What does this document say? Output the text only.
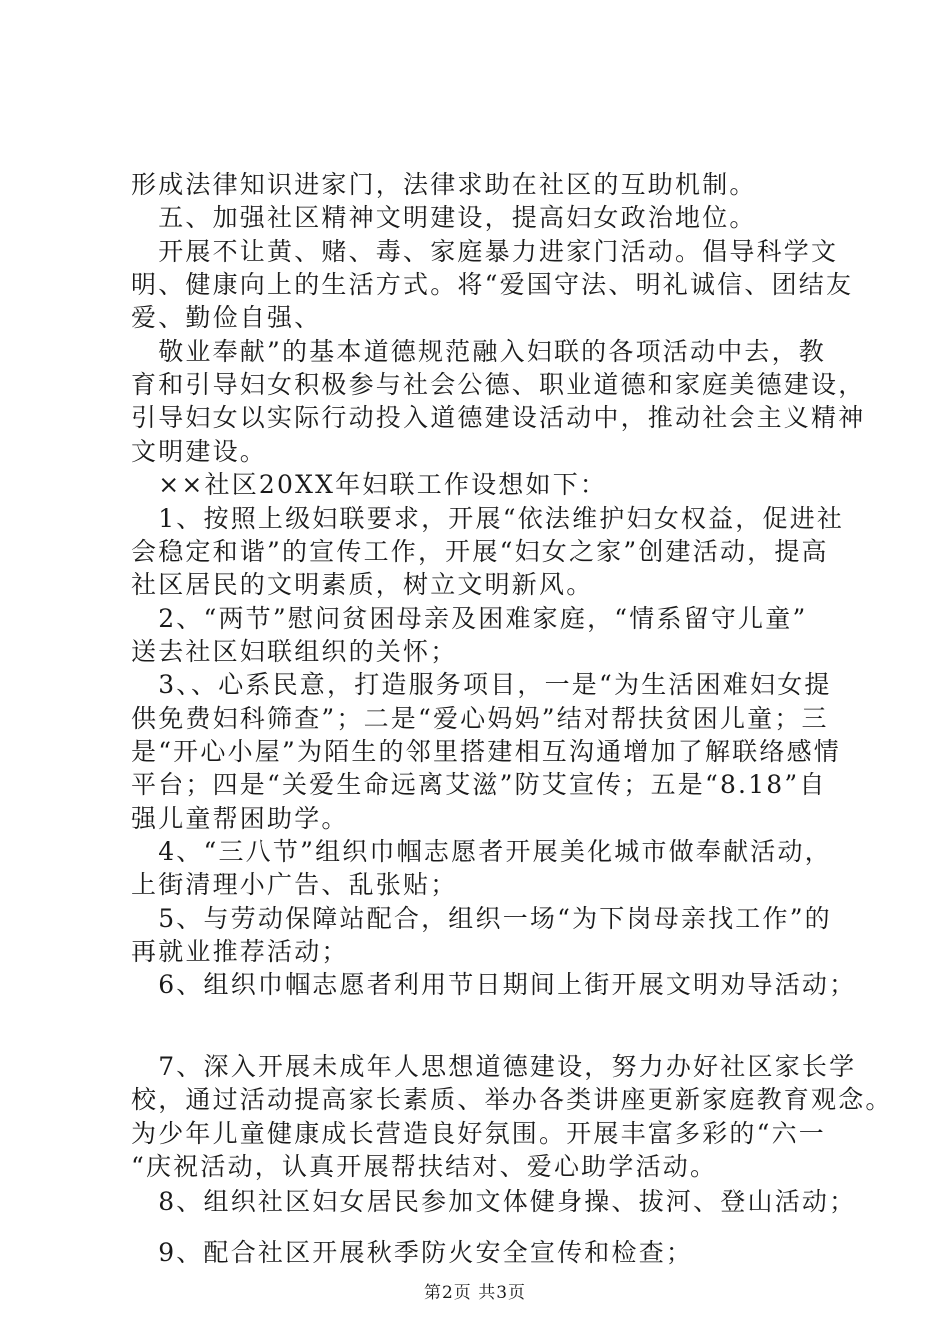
形成法律知识进家门，法律求助在社区的互助机制。
　五、加强社区精神文明建设，提高妇女政治地位。
　开展不让黄、赌、毒、家庭暴力进家门活动。倡导科学文
明、健康向上的生活方式。将“爱国守法、明礼诚信、团结友
爱、勤俭自强、
　敬业奉献”的基本道德规范融入妇联的各项活动中去，教
育和引导妇女积极参与社会公德、职业道德和家庭美德建设，
引导妇女以实际行动投入道德建设活动中，推动社会主义精神
文明建设。
　××社区20XX年妇联工作设想如下：
　1、按照上级妇联要求，开展“依法维护妇女权益，促进社
会稳定和谐”的宣传工作，开展“妇女之家”创建活动，提高
社区居民的文明素质，树立文明新风。
　2、“两节”慰问贫困母亲及困难家庭，“情系留守儿童”
送去社区妇联组织的关怀；
　3、、心系民意，打造服务项目，一是“为生活困难妇女提
供免费妇科筛查”；二是“爱心妈妈”结对帮扶贫困儿童；三
是“开心小屋”为陌生的邻里搭建相互沟通增加了解联络感情
平台；四是“关爱生命远离艾滋”防艾宣传；五是“8.18”自
强儿童帮困助学。
　4、“三八节”组织巾帼志愿者开展美化城市做奉献活动，
上街清理小广告、乱张贴；
　5、与劳动保障站配合，组织一场“为下岗母亲找工作”的
再就业推荐活动；
　6、组织巾帼志愿者利用节日期间上街开展文明劝导活动；
　7、深入开展未成年人思想道德建设，努力办好社区家长学
校，通过活动提高家长素质、举办各类讲座更新家庭教育观念。
为少年儿童健康成长营造良好氛围。开展丰富多彩的“六一
“庆祝活动，认真开展帮扶结对、爱心助学活动。
　8、组织社区妇女居民参加文体健身操、拔河、登山活动；
　9、配合社区开展秋季防火安全宣传和检查；
第2页 共3页
